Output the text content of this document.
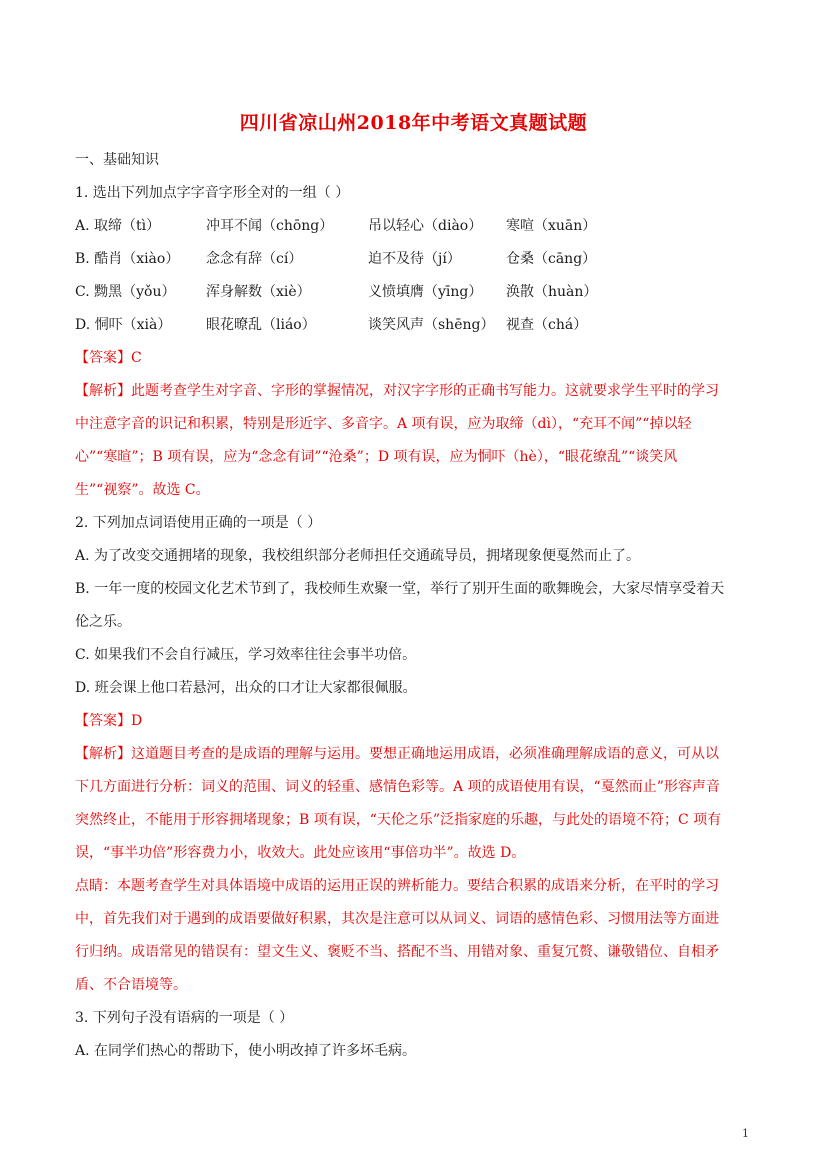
四川省凉山州2018年中考语文真题试题
一、基础知识
1. 选出下列加点字字音字形全对的一组（ ）
A. 取缔（tì）	冲耳不闻（chōng） 吊以轻心（diào） 寒喧（xuān）
B. 酷肖（xiào） 念念有辞（cí）	迫不及待（jí）	仓桑（cāng）
C. 黝黑（yǒu） 浑身解数（xiè）	义愤填膺（yīng） 涣散（huàn）
D. 恫吓（xià） 眼花暸乱（liáo）	谈笑风声（shēng） 视查（chá）
【答案】C
【解析】此题考查学生对字音、字形的掌握情况，对汉字字形的正确书写能力。这就要求学生平时的学习
中注意字音的识记和积累，特别是形近字、多音字。A 项有误，应为取缔（dì），“充耳不闻”“掉以轻
心”“寒暄”；B 项有误，应为“念念有词”“沧桑”；D 项有误，应为恫吓（hè），“眼花缭乱”“谈笑风
生”“视察”。故选 C。
2. 下列加点词语使用正确的一项是（ ）
A. 为了改变交通拥堵的现象，我校组织部分老师担任交通疏导员，拥堵现象便戛然而止了。
B. 一年一度的校园文化艺术节到了，我校师生欢聚一堂，举行了别开生面的歌舞晚会，大家尽情享受着天
伦之乐。
C. 如果我们不会自行减压，学习效率往往会事半功倍。
D. 班会课上他口若悬河，出众的口才让大家都很佩服。
【答案】D
【解析】这道题目考查的是成语的理解与运用。要想正确地运用成语，必须准确理解成语的意义，可从以
下几方面进行分析：词义的范围、词义的轻重、感情色彩等。A 项的成语使用有误，“戛然而止”形容声音
突然终止，不能用于形容拥堵现象；B 项有误，“天伦之乐”泛指家庭的乐趣，与此处的语境不符；C 项有
误，“事半功倍”形容费力小，收效大。此处应该用“事倍功半”。故选 D。
点睛：本题考查学生对具体语境中成语的运用正误的辨析能力。要结合积累的成语来分析，在平时的学习
中，首先我们对于遇到的成语要做好积累，其次是注意可以从词义、词语的感情色彩、习惯用法等方面进
行归纳。成语常见的错误有：望文生义、褒贬不当、搭配不当、用错对象、重复冗赘、谦敬错位、自相矛
盾、不合语境等。
3. 下列句子没有语病的一项是（ ）
A. 在同学们热心的帮助下，使小明改掉了许多坏毛病。
1
